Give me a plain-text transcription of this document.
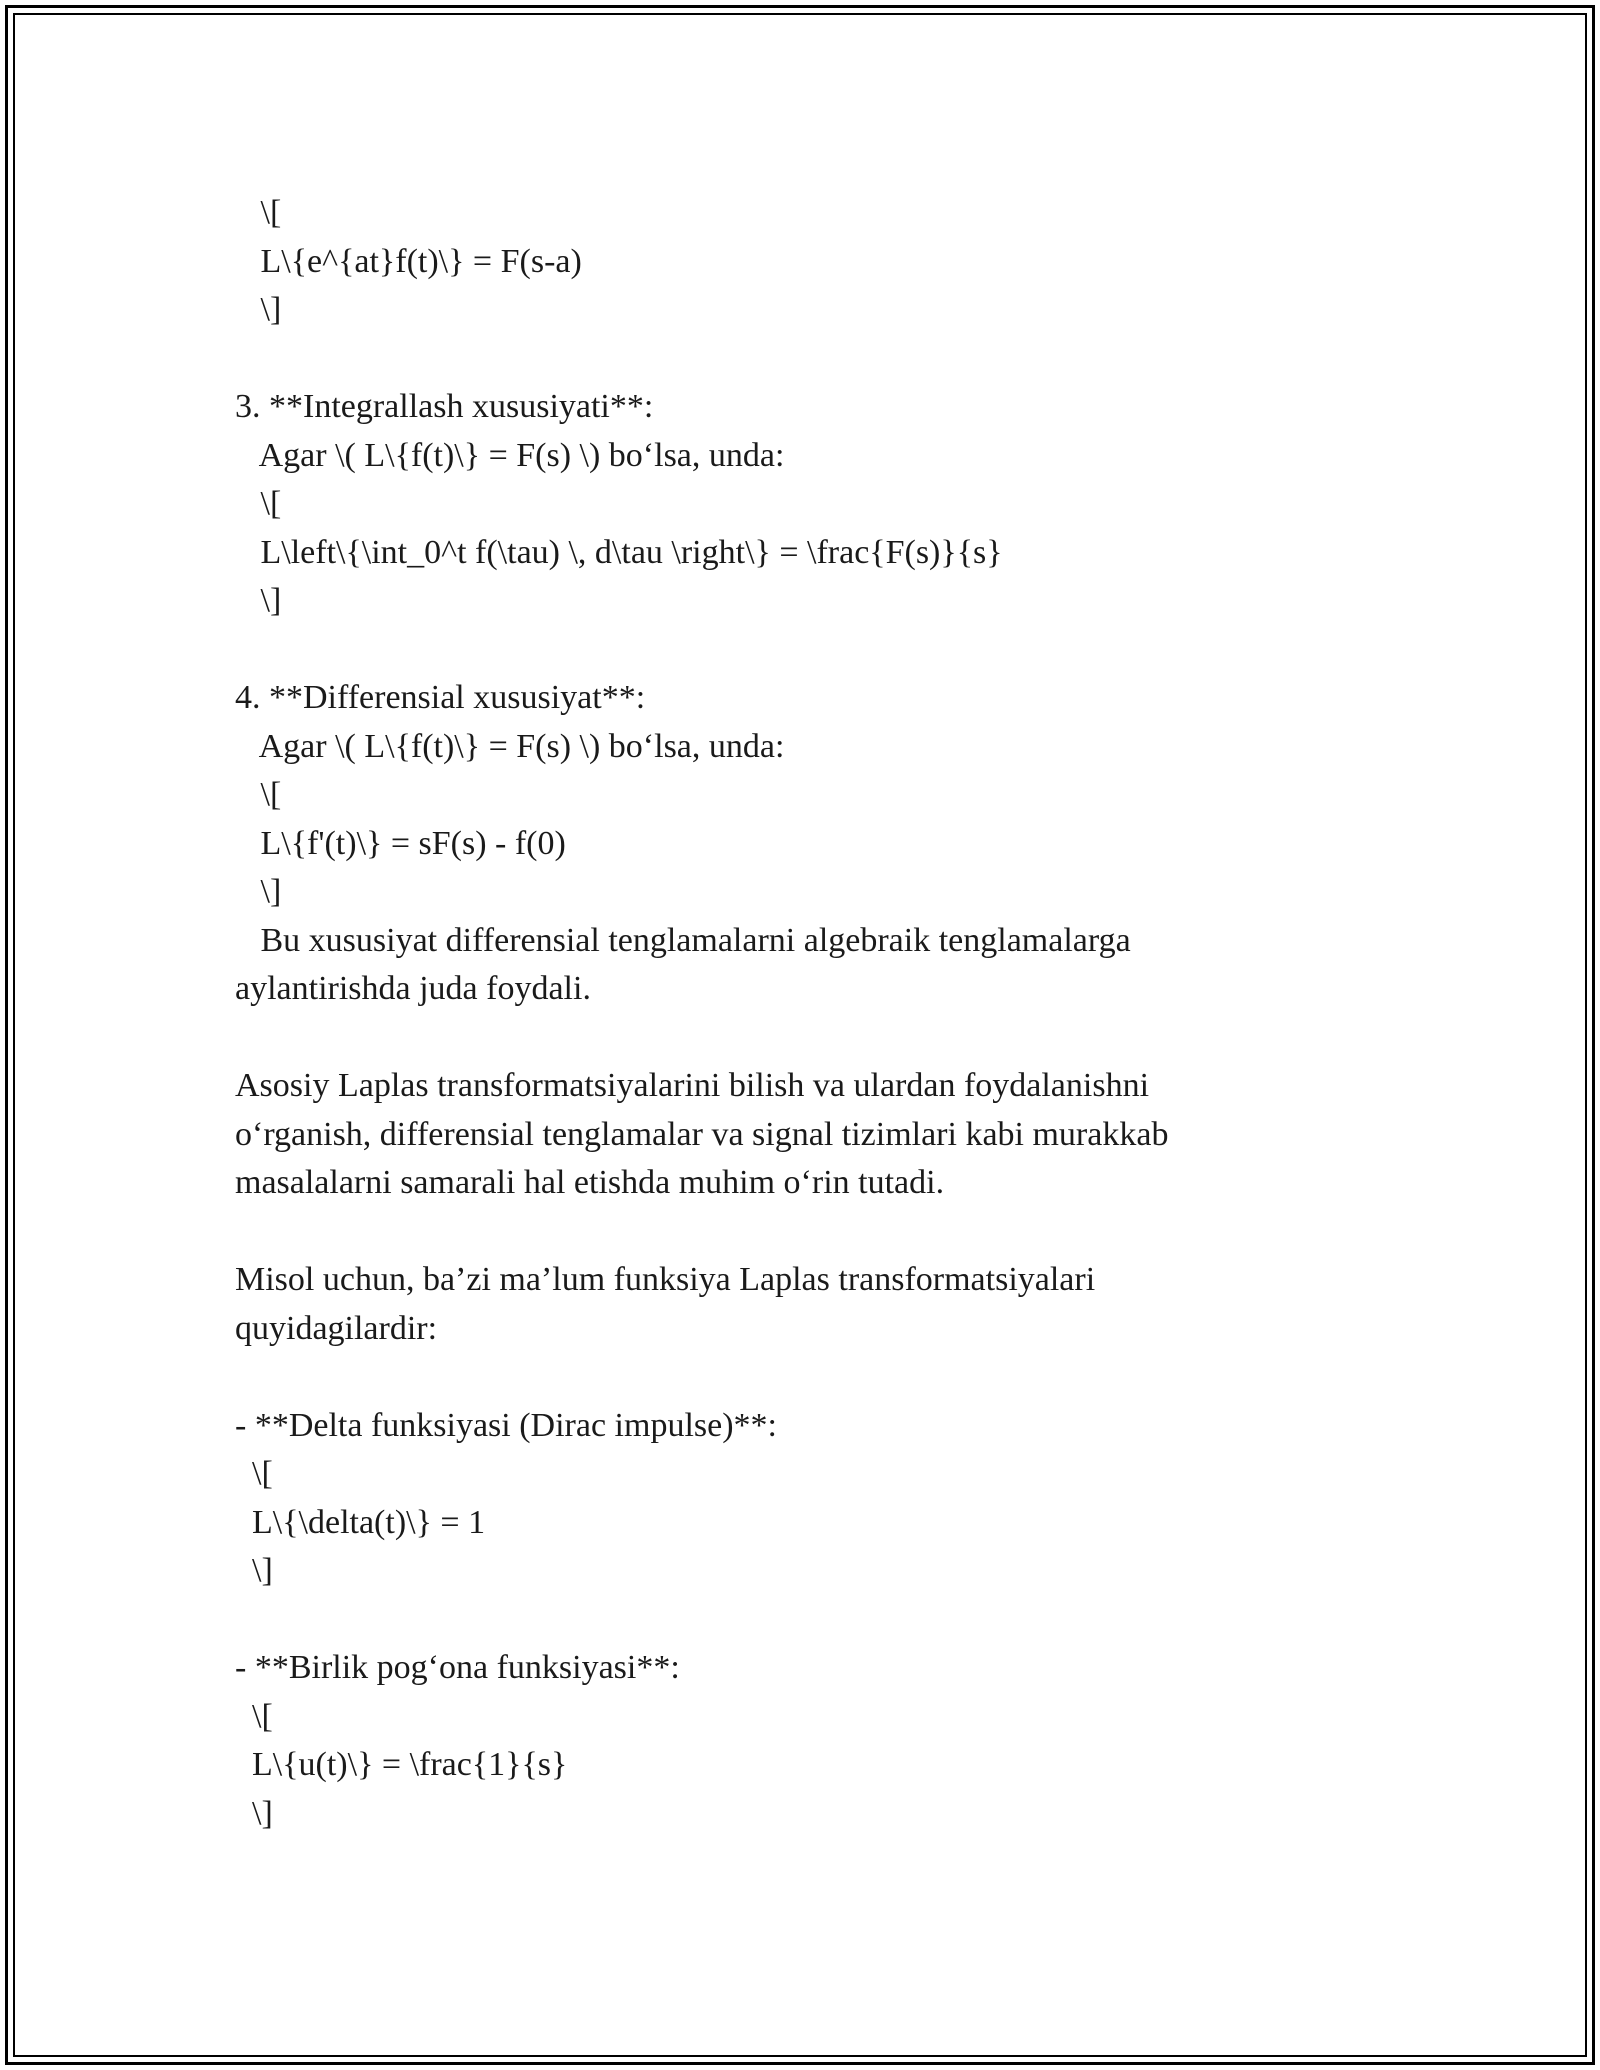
\[
L\{e^{at}f(t)\} = F(s-a)
\]
3. **Integrallash xususiyati**:
Agar \( L\{f(t)\} = F(s) \) bo‘lsa, unda:
\[
L\left\{\int_0^t f(\tau) \, d\tau \right\} = \frac{F(s)}{s}
\]
4. **Differensial xususiyat**:
Agar \( L\{f(t)\} = F(s) \) bo‘lsa, unda:
\[
L\{f'(t)\} = sF(s) - f(0)
\]
Bu xususiyat differensial tenglamalarni algebraik tenglamalarga
aylantirishda juda foydali.
Asosiy Laplas transformatsiyalarini bilish va ulardan foydalanishni
o‘rganish, differensial tenglamalar va signal tizimlari kabi murakkab
masalalarni samarali hal etishda muhim o‘rin tutadi.
Misol uchun, ba’zi ma’lum funksiya Laplas transformatsiyalari
quyidagilardir:
- **Delta funksiyasi (Dirac impulse)**:
\[
L\{\delta(t)\} = 1
\]
- **Birlik pog‘ona funksiyasi**:
\[
L\{u(t)\} = \frac{1}{s}
\]
